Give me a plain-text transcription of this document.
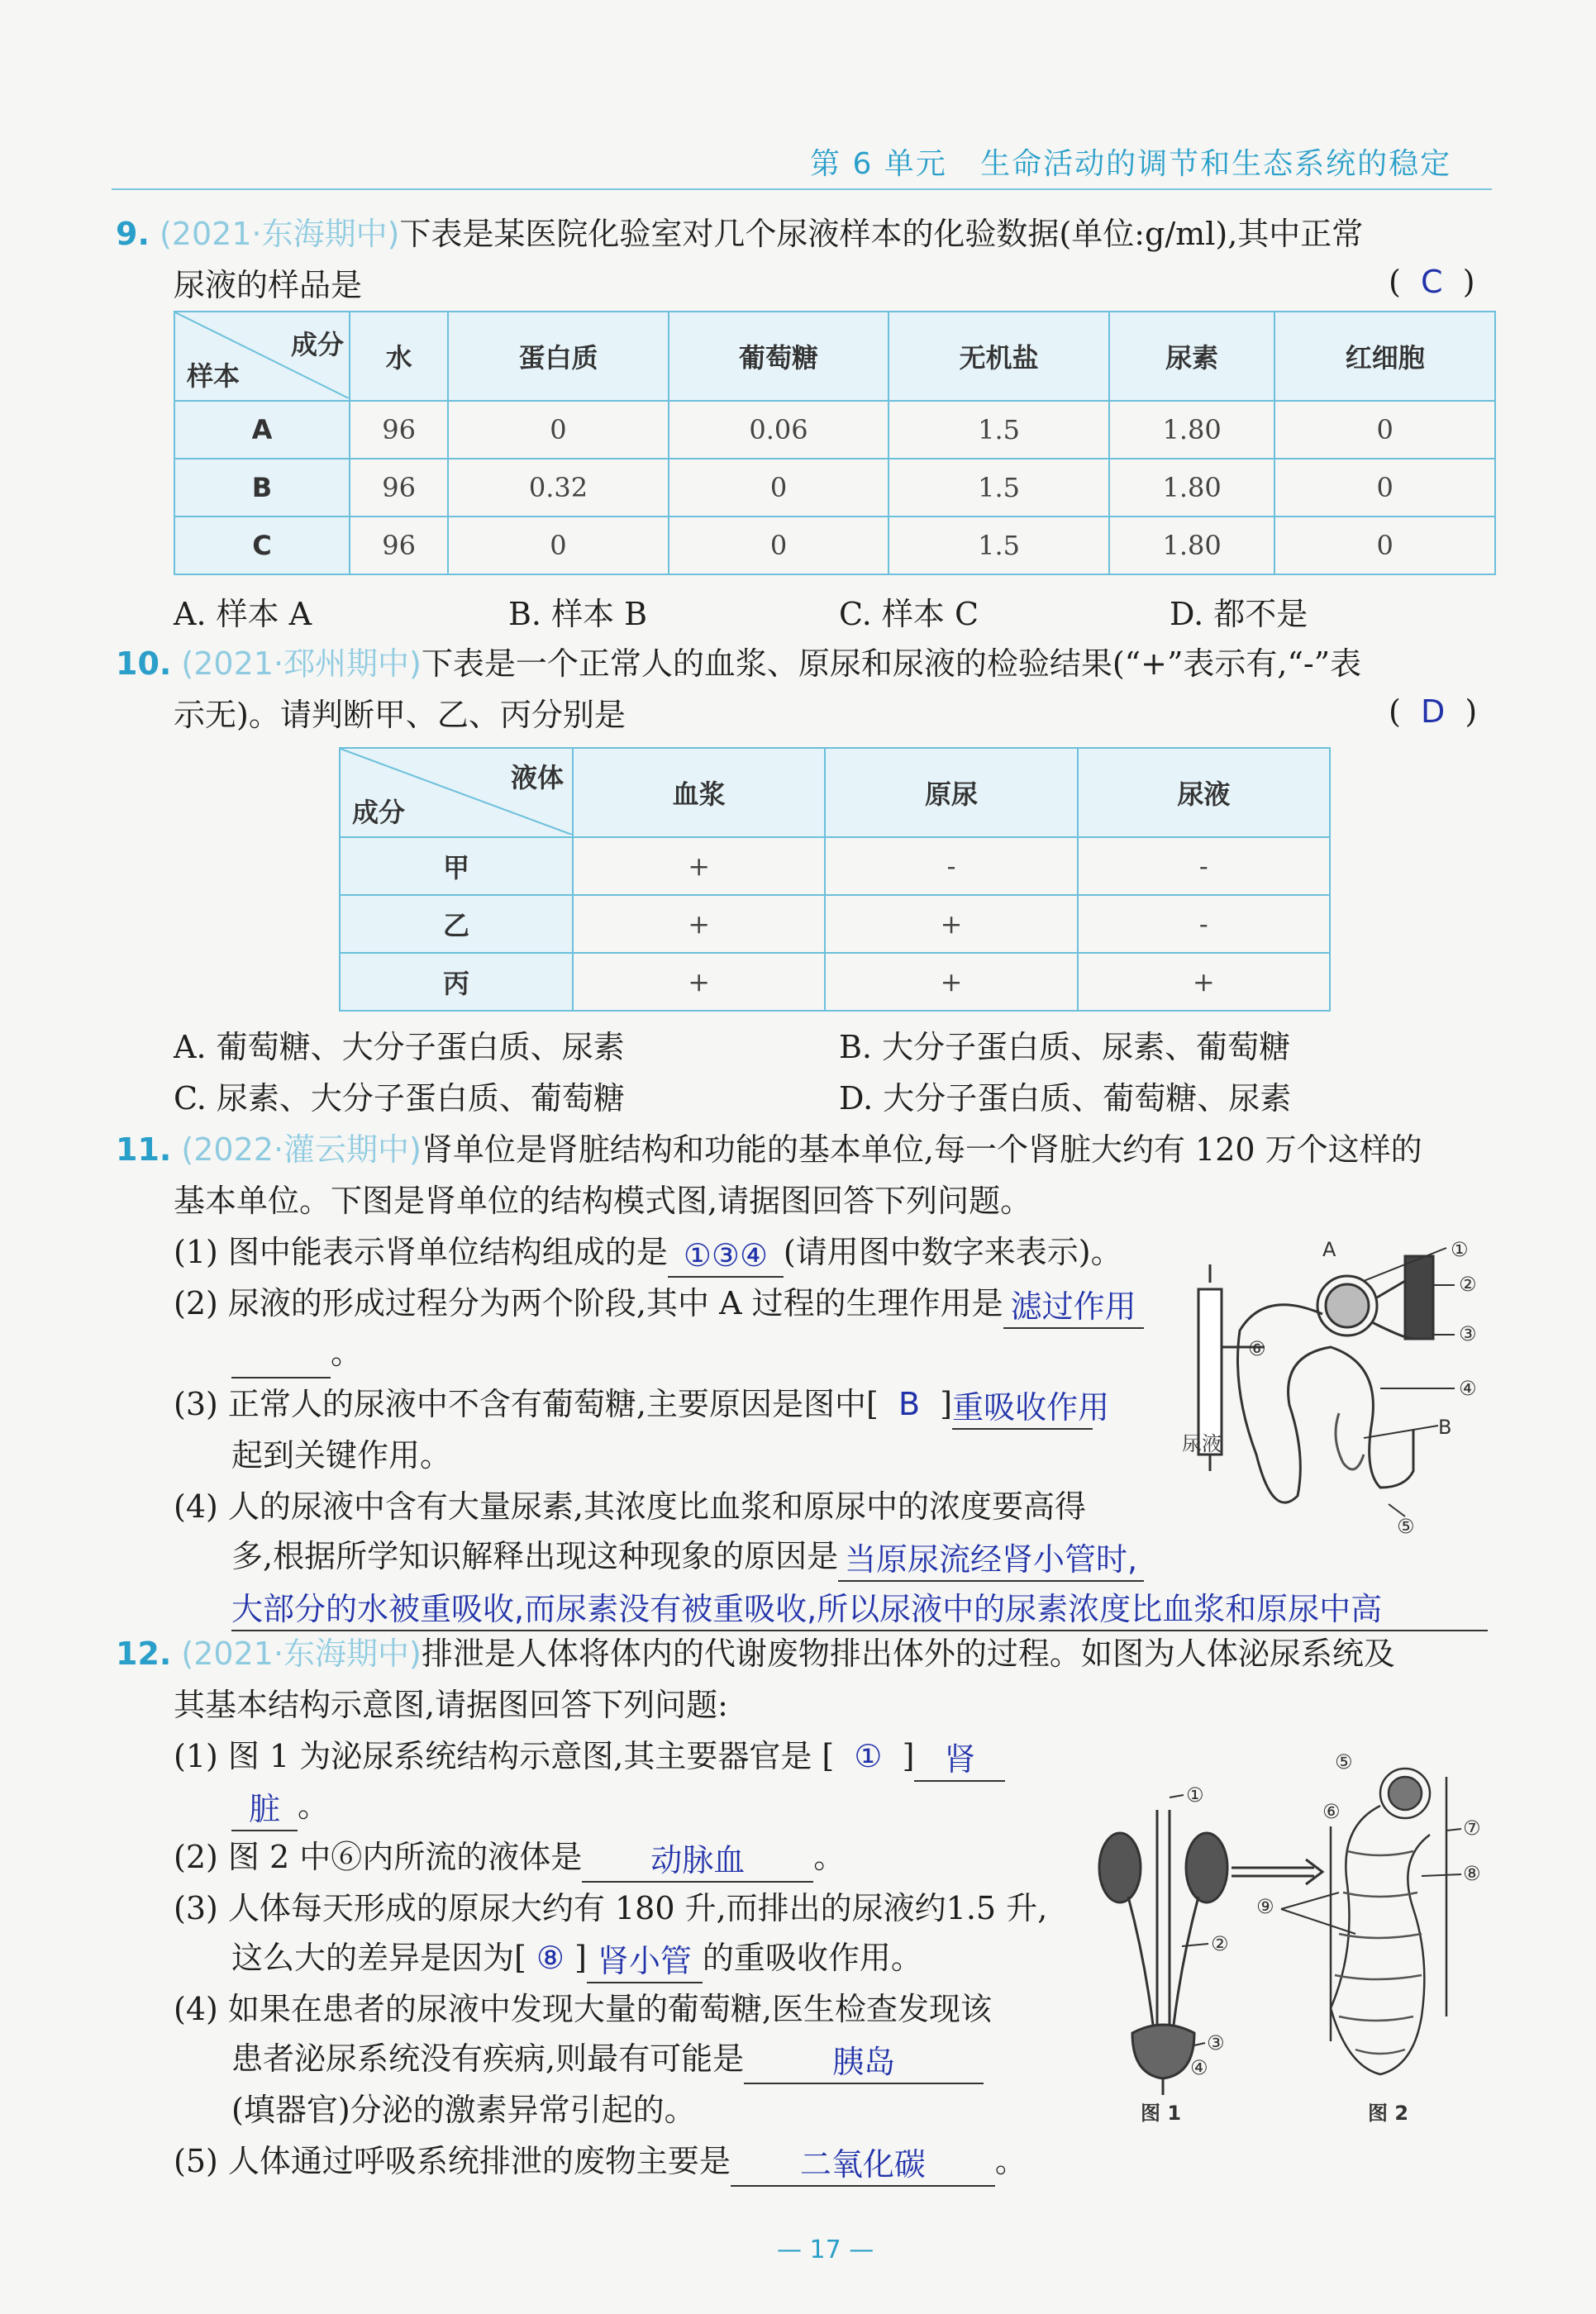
第 6 单元 生命活动的调节和生态系统的稳定
9. (2021·东海期中)下表是某医院化验室对几个尿液样本的化验数据(单位:g/ml),其中正常
尿液的样品是	(  C  )
成分
样本	水	蛋白质	葡萄糖	无机盐	尿素	红细胞
A	96	0	0.06	1.5	1.80	0
B	96	0.32	0	1.5	1.80	0
C	96	0	0	1.5	1.80	0
A. 样本 A	B. 样本 B	C. 样本 C	D. 都不是
10. (2021·邳州期中)下表是一个正常人的血浆、原尿和尿液的检验结果(“+”表示有,“-”表
示无)。请判断甲、乙、丙分别是	(  D  )
液体
成分	血浆	原尿	尿液
甲	+	-	-
乙	+	+	-
丙	+	+	+
A. 葡萄糖、大分子蛋白质、尿素	B. 大分子蛋白质、尿素、葡萄糖
C. 尿素、大分子蛋白质、葡萄糖	D. 大分子蛋白质、葡萄糖、尿素
11. (2022·灌云期中)肾单位是肾脏结构和功能的基本单位,每一个肾脏大约有 120 万个这样的
基本单位。下图是肾单位的结构模式图,请据图回答下列问题。
(1) 图中能表示肾单位结构组成的是 ①③④ (请用图中数字来表示)。
(2) 尿液的形成过程分为两个阶段,其中 A 过程的生理作用是 滤过作用
。
(3) 正常人的尿液中不含有葡萄糖,主要原因是图中[ B ]重吸收作用
起到关键作用。
(4) 人的尿液中含有大量尿素,其浓度比血浆和原尿中的浓度要高得
多,根据所学知识解释出现这种现象的原因是 当原尿流经肾小管时,
大部分的水被重吸收,而尿素没有被重吸收,所以尿液中的尿素浓度比血浆和原尿中高
A	①
②
③
④
B
⑤
⑥
尿液
12. (2021·东海期中)排泄是人体将体内的代谢废物排出体外的过程。如图为人体泌尿系统及
其基本结构示意图,请据图回答下列问题:
(1) 图 1 为泌尿系统结构示意图,其主要器官是 [ ① ] 肾
脏 。
(2) 图 2 中⑥内所流的液体是 动脉血 。
(3) 人体每天形成的原尿大约有 180 升,而排出的尿液约1.5 升,
这么大的差异是因为[ ⑧ ] 肾小管 的重吸收作用。
(4) 如果在患者的尿液中发现大量的葡萄糖,医生检查发现该
患者泌尿系统没有疾病,则最有可能是	胰岛
(填器官)分泌的激素异常引起的。
(5) 人体通过呼吸系统排泄的废物主要是 二氧化碳 。
①
②
③
④
⑤
⑥
⑦
⑧
⑨
图 1	图 2
— 17 —
